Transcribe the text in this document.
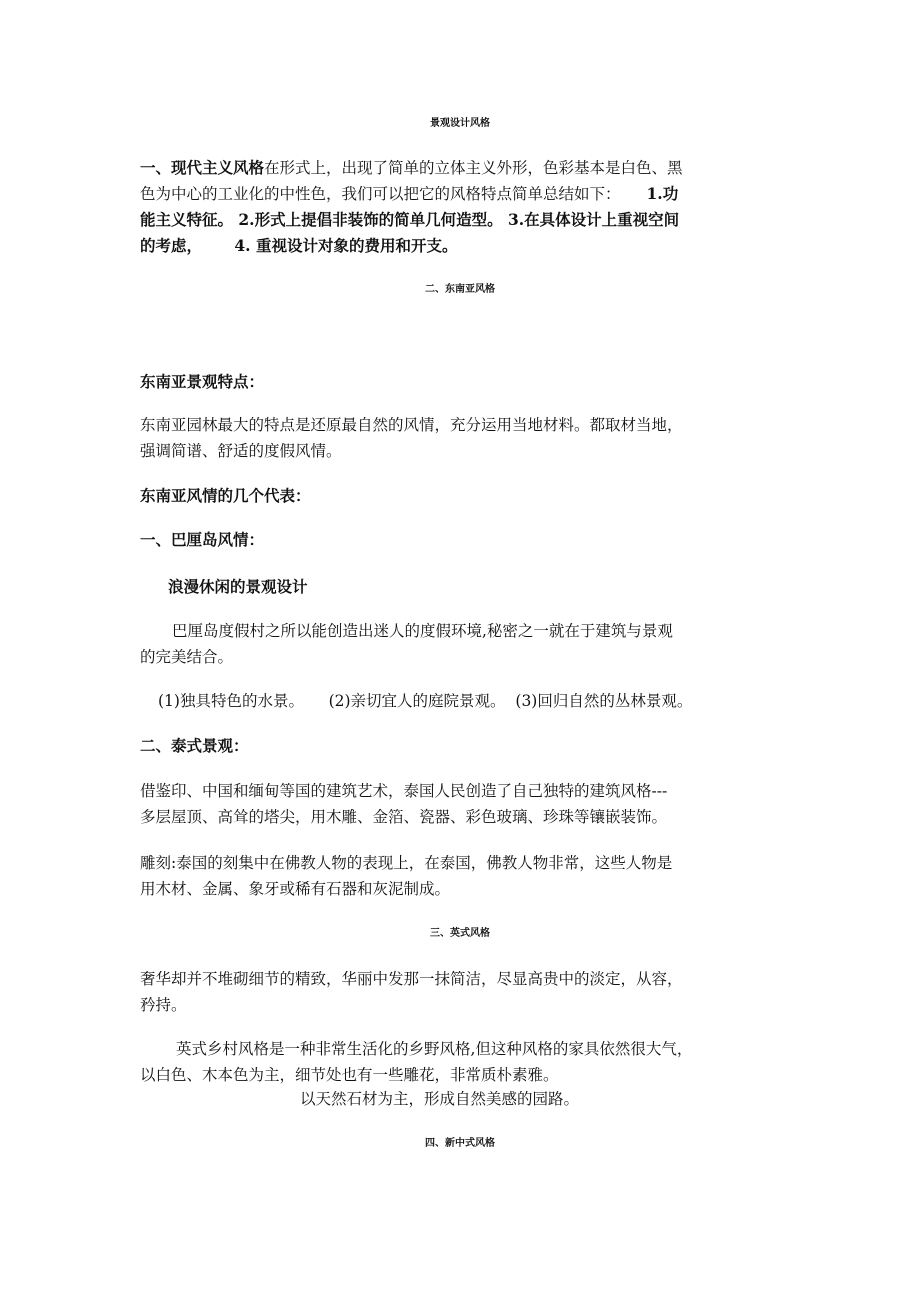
景观设计风格
一、现代主义风格在形式上，出现了简单的立体主义外形，色彩基本是白色、黑
色为中心的工业化的中性色，我们可以把它的风格特点简单总结如下： 1.功
能主义特征。 2.形式上提倡非装饰的简单几何造型。 3.在具体设计上重视空间
的考虑，      4. 重视设计对象的费用和开支。
二、东南亚风格
东南亚景观特点：
东南亚园林最大的特点是还原最自然的风情，充分运用当地材料。都取材当地，
强调简谱、舒适的度假风情。
东南亚风情的几个代表：
一、巴厘岛风情：
浪漫休闲的景观设计
巴厘岛度假村之所以能创造出迷人的度假环境,秘密之一就在于建筑与景观
的完美结合。
(1)独具特色的水景。     (2)亲切宜人的庭院景观。  (3)回归自然的丛林景观。
二、泰式景观：
借鉴印、中国和缅甸等国的建筑艺术，泰国人民创造了自己独特的建筑风格---
多层屋顶、高耸的塔尖，用木雕、金箔、瓷器、彩色玻璃、珍珠等镶嵌装饰。
雕刻:泰国的刻集中在佛教人物的表现上，在泰国，佛教人物非常，这些人物是
用木材、金属、象牙或稀有石器和灰泥制成。
三、英式风格
奢华却并不堆砌细节的精致，华丽中发那一抹简洁，尽显高贵中的淡定，从容，
矜持。
英式乡村风格是一种非常生活化的乡野风格,但这种风格的家具依然很大气，
以白色、木本色为主，细节处也有一些雕花，非常质朴素雅。
以天然石材为主，形成自然美感的园路。
四、新中式风格
